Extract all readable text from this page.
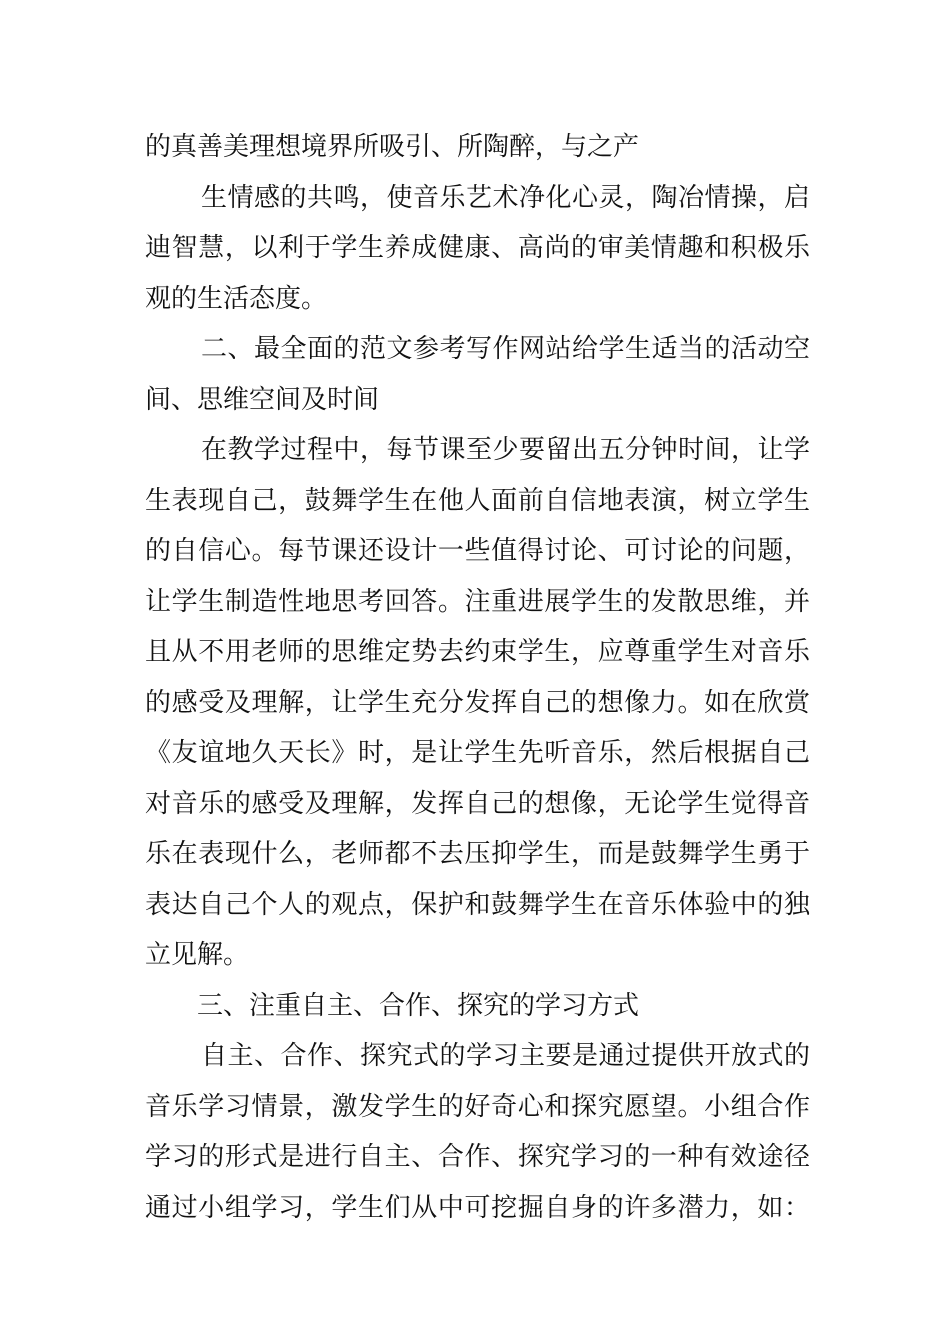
的真善美理想境界所吸引、所陶醉，与之产
生情感的共鸣，使音乐艺术净化心灵，陶冶情操，启
迪智慧，以利于学生养成健康、高尚的审美情趣和积极乐
观的生活态度。
二、最全面的范文参考写作网站给学生适当的活动空
间、思维空间及时间
在教学过程中，每节课至少要留出五分钟时间，让学
生表现自己，鼓舞学生在他人面前自信地表演，树立学生
的自信心。每节课还设计一些值得讨论、可讨论的问题，
让学生制造性地思考回答。注重进展学生的发散思维，并
且从不用老师的思维定势去约束学生，应尊重学生对音乐
的感受及理解，让学生充分发挥自己的想像力。如在欣赏
《友谊地久天长》时，是让学生先听音乐，然后根据自己
对音乐的感受及理解，发挥自己的想像，无论学生觉得音
乐在表现什么，老师都不去压抑学生，而是鼓舞学生勇于
表达自己个人的观点，保护和鼓舞学生在音乐体验中的独
立见解。
三、注重自主、合作、探究的学习方式
自主、合作、探究式的学习主要是通过提供开放式的
音乐学习情景，激发学生的好奇心和探究愿望。小组合作
学习的形式是进行自主、合作、探究学习的一种有效途径
通过小组学习，学生们从中可挖掘自身的许多潜力，如：
